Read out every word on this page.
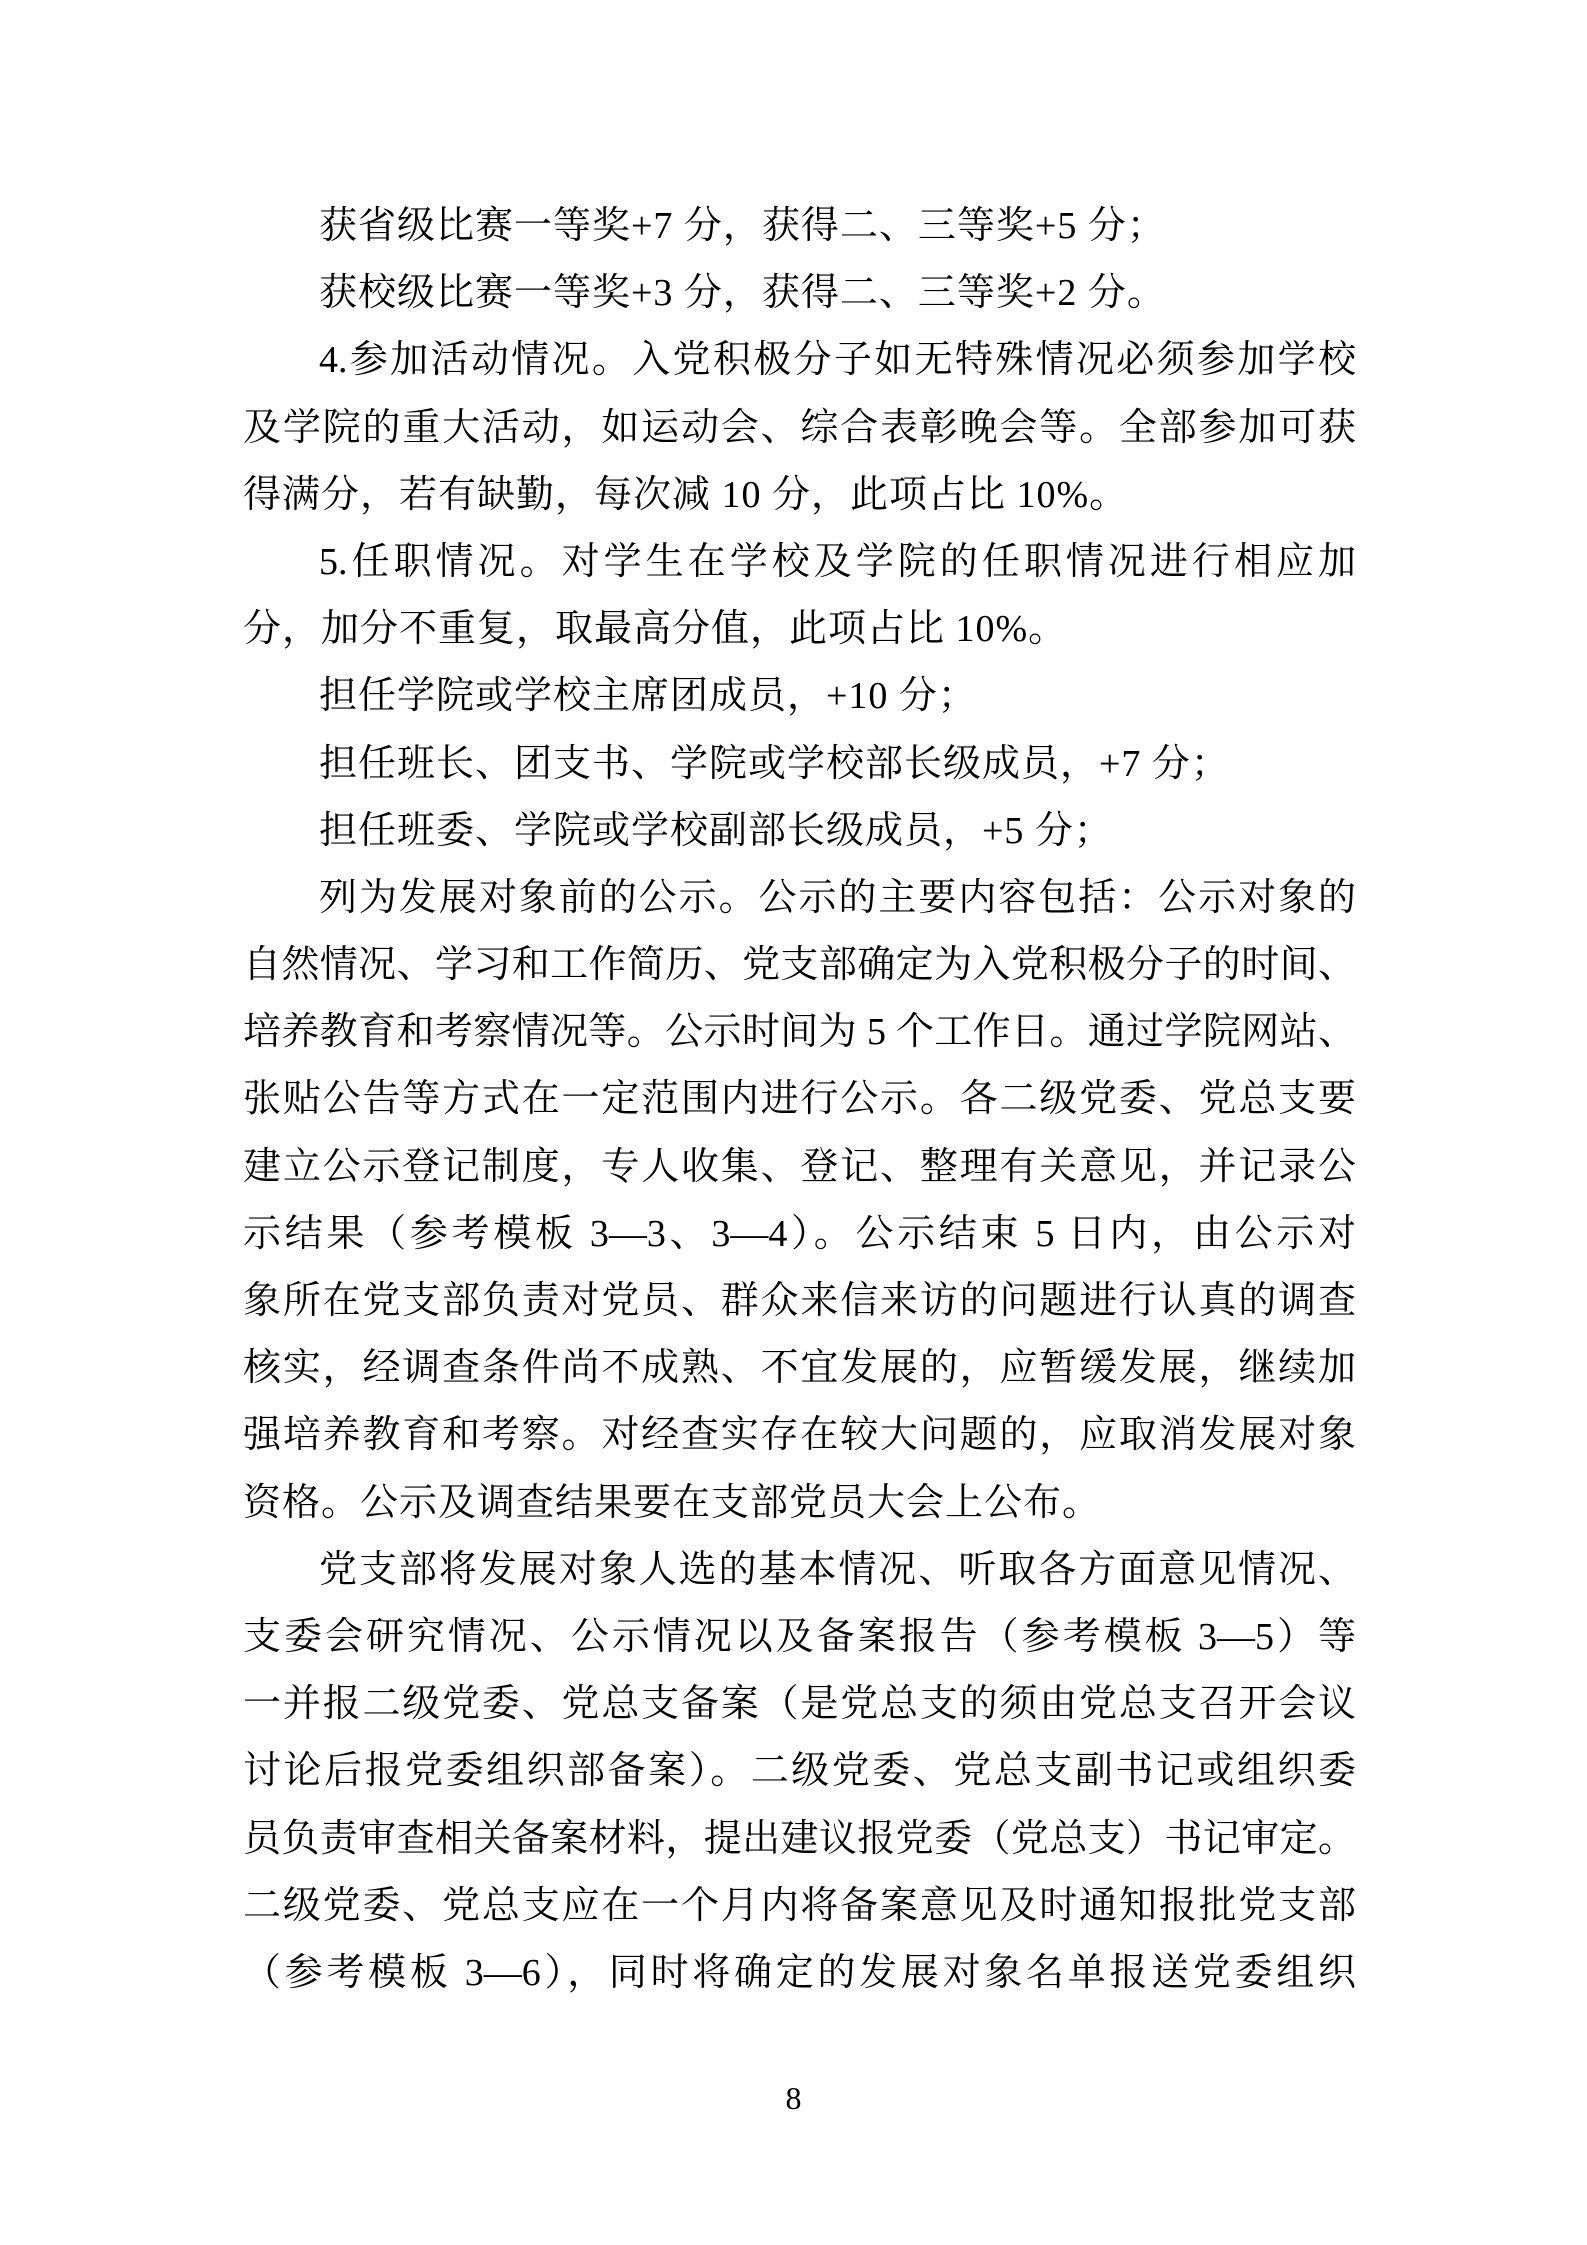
获省级比赛一等奖+7 分，获得二、三等奖+5 分；
获校级比赛一等奖+3 分，获得二、三等奖+2 分。
4.参加活动情况。入党积极分子如无特殊情况必须参加学校
及学院的重大活动，如运动会、综合表彰晚会等。全部参加可获
得满分，若有缺勤，每次减 10 分，此项占比 10%。
5.任职情况。对学生在学校及学院的任职情况进行相应加
分，加分不重复，取最高分值，此项占比 10%。
担任学院或学校主席团成员，+10 分；
担任班长、团支书、学院或学校部长级成员，+7 分；
担任班委、学院或学校副部长级成员，+5 分；
列为发展对象前的公示。公示的主要内容包括：公示对象的
自然情况、学习和工作简历、党支部确定为入党积极分子的时间、
培养教育和考察情况等。公示时间为 5 个工作日。通过学院网站、
张贴公告等方式在一定范围内进行公示。各二级党委、党总支要
建立公示登记制度，专人收集、登记、整理有关意见，并记录公
示结果（参考模板 3—3、3—4）。公示结束 5 日内，由公示对
象所在党支部负责对党员、群众来信来访的问题进行认真的调查
核实，经调查条件尚不成熟、不宜发展的，应暂缓发展，继续加
强培养教育和考察。对经查实存在较大问题的，应取消发展对象
资格。公示及调查结果要在支部党员大会上公布。
党支部将发展对象人选的基本情况、听取各方面意见情况、
支委会研究情况、公示情况以及备案报告（参考模板 3—5）等
一并报二级党委、党总支备案（是党总支的须由党总支召开会议
讨论后报党委组织部备案）。二级党委、党总支副书记或组织委
员负责审查相关备案材料，提出建议报党委（党总支）书记审定。
二级党委、党总支应在一个月内将备案意见及时通知报批党支部
（参考模板 3—6），同时将确定的发展对象名单报送党委组织
8
